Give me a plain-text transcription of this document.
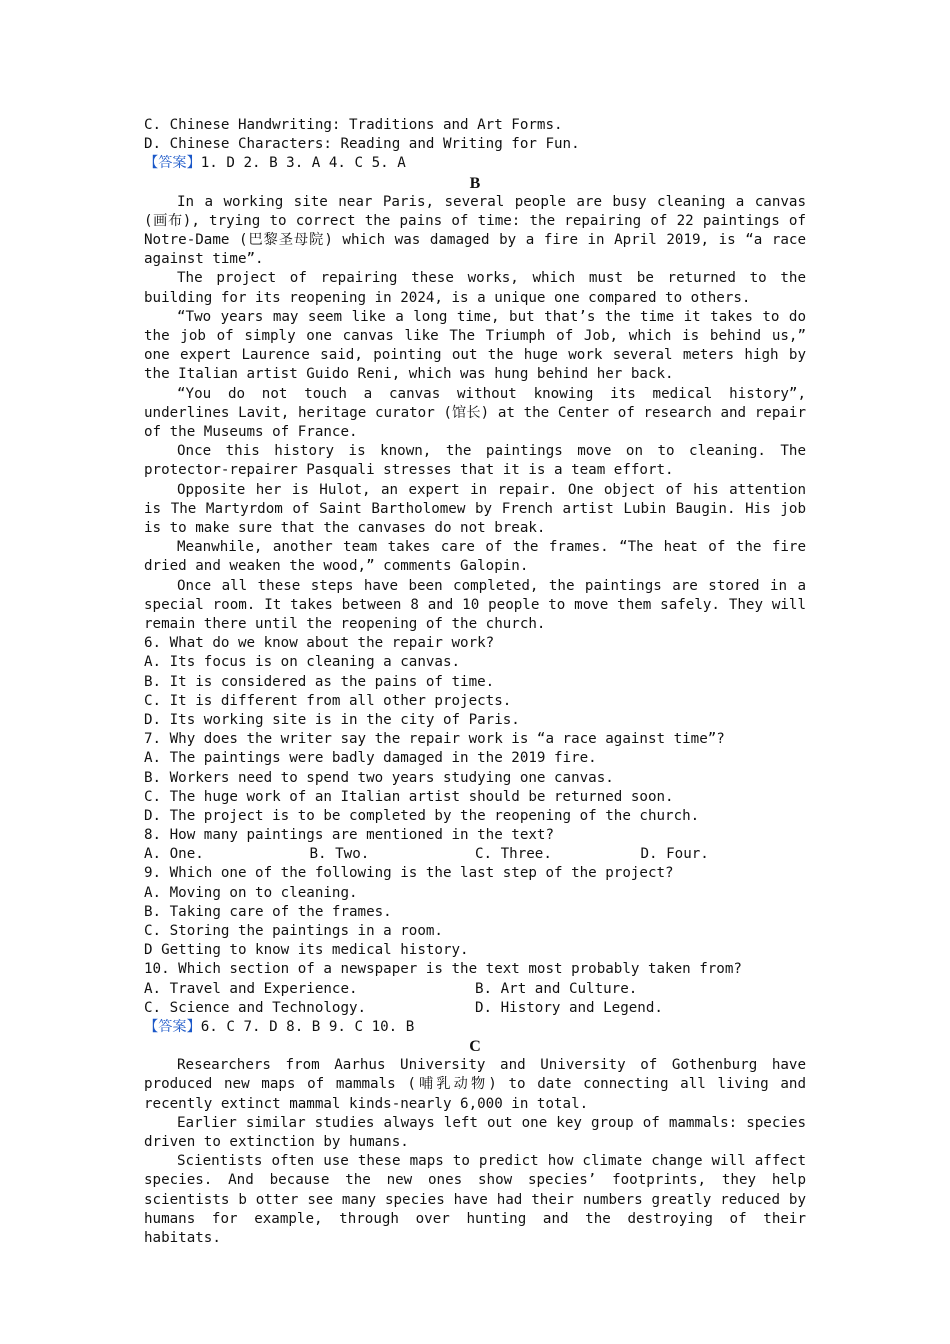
C. Chinese Handwriting: Traditions and Art Forms.
D. Chinese Characters: Reading and Writing for Fun.
【答案】1. D 2. B 3. A 4. C 5. A
B
In a working site near Paris, several people are busy cleaning a canvas (画布), trying to correct the pains of time: the repairing of 22 paintings of Notre-Dame (巴黎圣母院) which was damaged by a fire in April 2019, is “a race against time”.
The project of repairing these works, which must be returned to the building for its reopening in 2024, is a unique one compared to others.
“Two years may seem like a long time, but that’s the time it takes to do the job of simply one canvas like The Triumph of Job, which is behind us,” one expert Laurence said, pointing out the huge work several meters high by the Italian artist Guido Reni, which was hung behind her back.
“You do not touch a canvas without knowing its medical history”, underlines Lavit, heritage curator (馆长) at the Center of research and repair of the Museums of France.
Once this history is known, the paintings move on to cleaning. The protector-repairer Pasquali stresses that it is a team effort.
Opposite her is Hulot, an expert in repair. One object of his attention is The Martyrdom of Saint Bartholomew by French artist Lubin Baugin. His job is to make sure that the canvases do not break.
Meanwhile, another team takes care of the frames. “The heat of the fire dried and weaken the wood,” comments Galopin.
Once all these steps have been completed, the paintings are stored in a special room. It takes between 8 and 10 people to move them safely. They will remain there until the reopening of the church.
6. What do we know about the repair work?
A. Its focus is on cleaning a canvas.
B. It is considered as the pains of time.
C. It is different from all other projects.
D. Its working site is in the city of Paris.
7. Why does the writer say the repair work is “a race against time”?
A. The paintings were badly damaged in the 2019 fire.
B. Workers need to spend two years studying one canvas.
C. The huge work of an Italian artist should be returned soon.
D. The project is to be completed by the reopening of the church.
8. How many paintings are mentioned in the text?
A. One.	B. Two.	C. Three.	D. Four.
9. Which one of the following is the last step of the project?
A. Moving on to cleaning.
B. Taking care of the frames.
C. Storing the paintings in a room.
D Getting to know its medical history.
10. Which section of a newspaper is the text most probably taken from?
A. Travel and Experience.	B. Art and Culture.
C. Science and Technology.	D. History and Legend.
【答案】6. C 7. D 8. B 9. C 10. B
C
Researchers from Aarhus University and University of Gothenburg have produced new maps of mammals (哺乳动物) to date connecting all living and recently extinct mammal kinds-nearly 6,000 in total.
Earlier similar studies always left out one key group of mammals: species driven to extinction by humans.
Scientists often use these maps to predict how climate change will affect species. And because the new ones show species’ footprints, they help scientists b otter see many species have had their numbers greatly reduced by humans for example, through over hunting and the destroying of their habitats.
